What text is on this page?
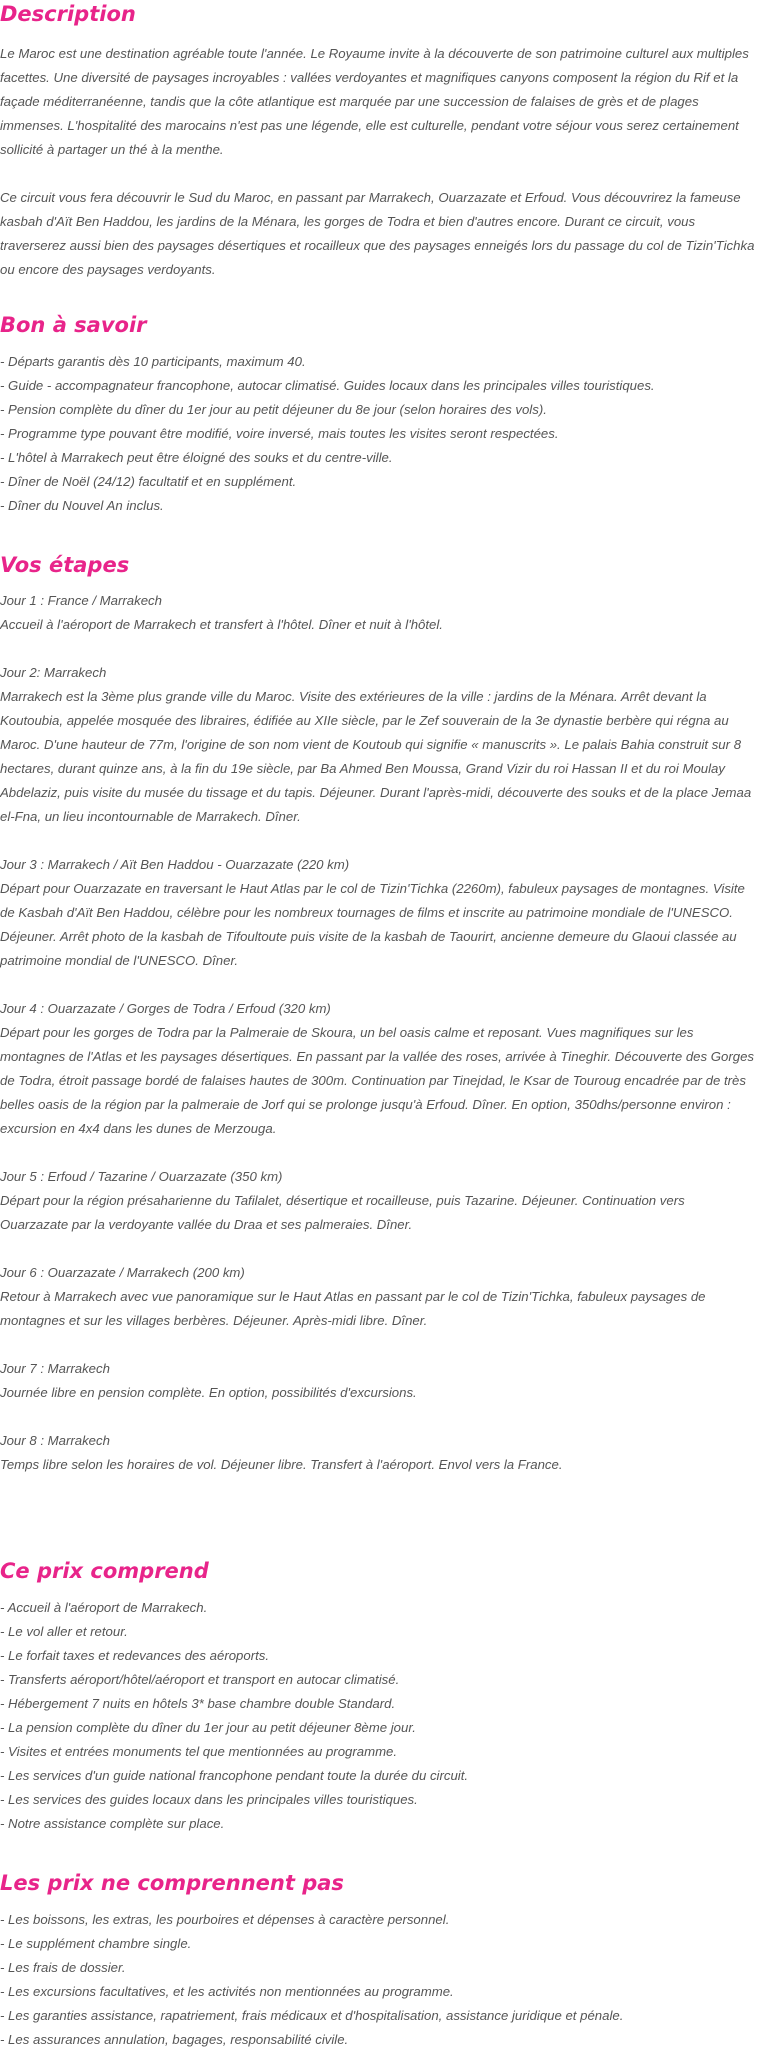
Description
Le Maroc est une destination agréable toute l'année. Le Royaume invite à la découverte de son patrimoine culturel aux multiples facettes. Une diversité de paysages incroyables : vallées verdoyantes et magnifiques canyons composent la région du Rif et la façade méditerranéenne, tandis que la côte atlantique est marquée par une succession de falaises de grès et de plages immenses. L'hospitalité des marocains n'est pas une légende, elle est culturelle, pendant votre séjour vous serez certainement sollicité à partager un thé à la menthe.
Ce circuit vous fera découvrir le Sud du Maroc, en passant par Marrakech, Ouarzazate et Erfoud. Vous découvrirez la fameuse kasbah d'Aït Ben Haddou, les jardins de la Ménara, les gorges de Todra et bien d'autres encore. Durant ce circuit, vous traverserez aussi bien des paysages désertiques et rocailleux que des paysages enneigés lors du passage du col de Tizin'Tichka ou encore des paysages verdoyants.
Bon à savoir
- Départs garantis dès 10 participants, maximum 40.
- Guide - accompagnateur francophone, autocar climatisé. Guides locaux dans les principales villes touristiques.
- Pension complète du dîner du 1er jour au petit déjeuner du 8e jour (selon horaires des vols).
- Programme type pouvant être modifié, voire inversé, mais toutes les visites seront respectées.
- L'hôtel à Marrakech peut être éloigné des souks et du centre-ville.
- Dîner de Noël (24/12) facultatif et en supplément.
- Dîner du Nouvel An inclus.
Vos étapes
Jour 1 : France / Marrakech
Accueil à l'aéroport de Marrakech et transfert à l'hôtel. Dîner et nuit à l'hôtel.
Jour 2: Marrakech
Marrakech est la 3ème plus grande ville du Maroc. Visite des extérieures de la ville : jardins de la Ménara. Arrêt devant la Koutoubia, appelée mosquée des libraires, édifiée au XIIe siècle, par le Zef souverain de la 3e dynastie berbère qui régna au Maroc. D'une hauteur de 77m, l'origine de son nom vient de Koutoub qui signifie « manuscrits ». Le palais Bahia construit sur 8 hectares, durant quinze ans, à la fin du 19e siècle, par Ba Ahmed Ben Moussa, Grand Vizir du roi Hassan II et du roi Moulay Abdelaziz, puis visite du musée du tissage et du tapis. Déjeuner. Durant l'après-midi, découverte des souks et de la place Jemaa el-Fna, un lieu incontournable de Marrakech. Dîner.
Jour 3 : Marrakech / Aït Ben Haddou - Ouarzazate (220 km)
Départ pour Ouarzazate en traversant le Haut Atlas par le col de Tizin'Tichka (2260m), fabuleux paysages de montagnes. Visite de Kasbah d'Aït Ben Haddou, célèbre pour les nombreux tournages de films et inscrite au patrimoine mondiale de l'UNESCO. Déjeuner. Arrêt photo de la kasbah de Tifoultoute puis visite de la kasbah de Taourirt, ancienne demeure du Glaoui classée au patrimoine mondial de l'UNESCO. Dîner.
Jour 4 : Ouarzazate / Gorges de Todra / Erfoud (320 km)
Départ pour les gorges de Todra par la Palmeraie de Skoura, un bel oasis calme et reposant. Vues magnifiques sur les montagnes de l'Atlas et les paysages désertiques. En passant par la vallée des roses, arrivée à Tineghir. Découverte des Gorges de Todra, étroit passage bordé de falaises hautes de 300m. Continuation par Tinejdad, le Ksar de Touroug encadrée par de très belles oasis de la région par la palmeraie de Jorf qui se prolonge jusqu'à Erfoud. Dîner. En option, 350dhs/personne environ : excursion en 4x4 dans les dunes de Merzouga.
Jour 5 : Erfoud / Tazarine / Ouarzazate (350 km)
Départ pour la région présaharienne du Tafilalet, désertique et rocailleuse, puis Tazarine. Déjeuner. Continuation vers Ouarzazate par la verdoyante vallée du Draa et ses palmeraies. Dîner.
Jour 6 : Ouarzazate / Marrakech (200 km)
Retour à Marrakech avec vue panoramique sur le Haut Atlas en passant par le col de Tizin'Tichka, fabuleux paysages de montagnes et sur les villages berbères. Déjeuner. Après-midi libre. Dîner.
Jour 7 : Marrakech
Journée libre en pension complète. En option, possibilités d'excursions.
Jour 8 : Marrakech
Temps libre selon les horaires de vol. Déjeuner libre. Transfert à l'aéroport. Envol vers la France.
Ce prix comprend
- Accueil à l'aéroport de Marrakech.
- Le vol aller et retour.
- Le forfait taxes et redevances des aéroports.
- Transferts aéroport/hôtel/aéroport et transport en autocar climatisé.
- Hébergement 7 nuits en hôtels 3* base chambre double Standard.
- La pension complète du dîner du 1er jour au petit déjeuner 8ème jour.
- Visites et entrées monuments tel que mentionnées au programme.
- Les services d'un guide national francophone pendant toute la durée du circuit.
- Les services des guides locaux dans les principales villes touristiques.
- Notre assistance complète sur place.
Les prix ne comprennent pas
- Les boissons, les extras, les pourboires et dépenses à caractère personnel.
- Le supplément chambre single.
- Les frais de dossier.
- Les excursions facultatives, et les activités non mentionnées au programme.
- Les garanties assistance, rapatriement, frais médicaux et d'hospitalisation, assistance juridique et pénale.
- Les assurances annulation, bagages, responsabilité civile.
